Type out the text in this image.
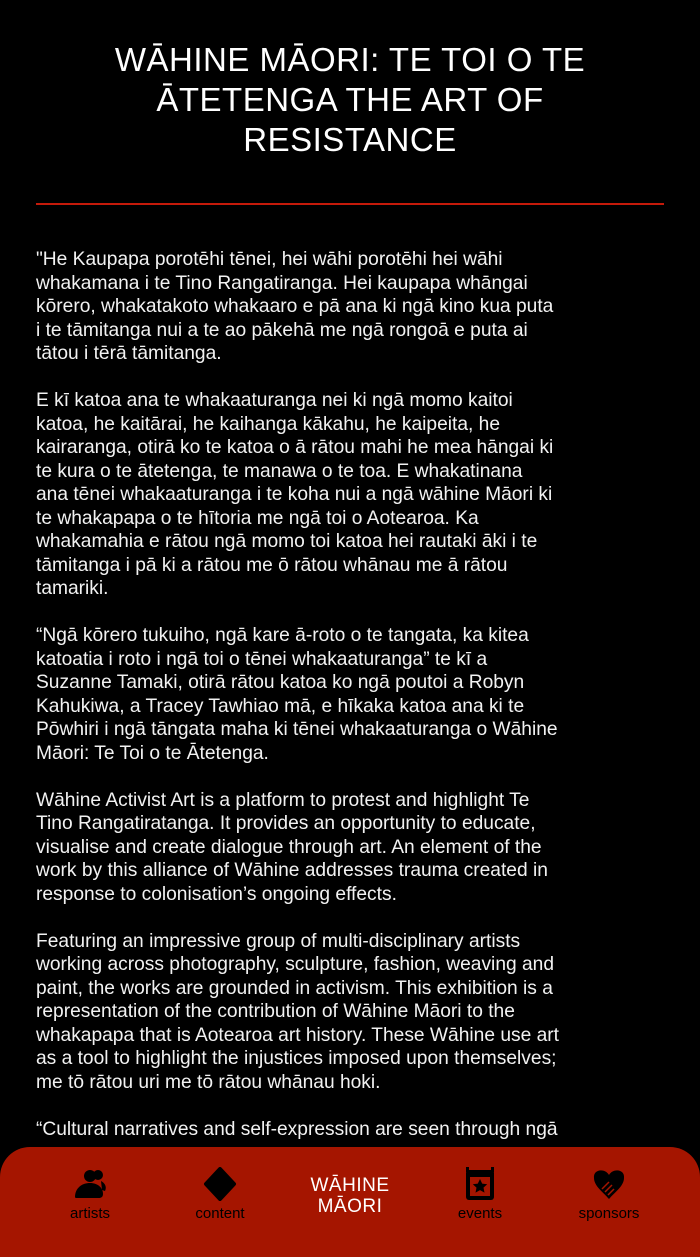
WĀHINE MĀORI: TE TOI O TE
ĀTETENGA THE ART OF
RESISTANCE

"He Kaupapa porotēhi tēnei, hei wāhi porotēhi hei wāhi
whakamana i te Tino Rangatiranga. Hei kaupapa whāngai
kōrero, whakatakoto whakaaro e pā ana ki ngā kino kua puta
i te tāmitanga nui a te ao pākehā me ngā rongoā e puta ai
tātou i tērā tāmitanga.

E kī katoa ana te whakaaturanga nei ki ngā momo kaitoi
katoa, he kaitārai, he kaihanga kākahu, he kaipeita, he
kairaranga, otirā ko te katoa o ā rātou mahi he mea hāngai ki
te kura o te ātetenga, te manawa o te toa. E whakatinana
ana tēnei whakaaturanga i te koha nui a ngā wāhine Māori ki
te whakapapa o te hītoria me ngā toi o Aotearoa. Ka
whakamahia e rātou ngā momo toi katoa hei rautaki āki i te
tāmitanga i pā ki a rātou me ō rātou whānau me ā rātou
tamariki.

“Ngā kōrero tukuiho, ngā kare ā-roto o te tangata, ka kitea
katoatia i roto i ngā toi o tēnei whakaaturanga” te kī a
Suzanne Tamaki, otirā rātou katoa ko ngā poutoi a Robyn
Kahukiwa, a Tracey Tawhiao mā, e hīkaka katoa ana ki te
Pōwhiri i ngā tāngata maha ki tēnei whakaaturanga o Wāhine
Māori: Te Toi o te Ātetenga.

Wāhine Activist Art is a platform to protest and highlight Te
Tino Rangatiratanga. It provides an opportunity to educate,
visualise and create dialogue through art. An element of the
work by this alliance of Wāhine addresses trauma created in
response to colonisation’s ongoing effects.

Featuring an impressive group of multi-disciplinary artists
working across photography, sculpture, fashion, weaving and
paint, the works are grounded in activism. This exhibition is a
representation of the contribution of Wāhine Māori to the
whakapapa that is Aotearoa art history. These Wāhine use art
as a tool to highlight the injustices imposed upon themselves;
me tō rātou uri me tō rātou whānau hoki.

“Cultural narratives and self-expression are seen through ngā

artists	content
WĀHINE
MĀORI	events	sponsors
